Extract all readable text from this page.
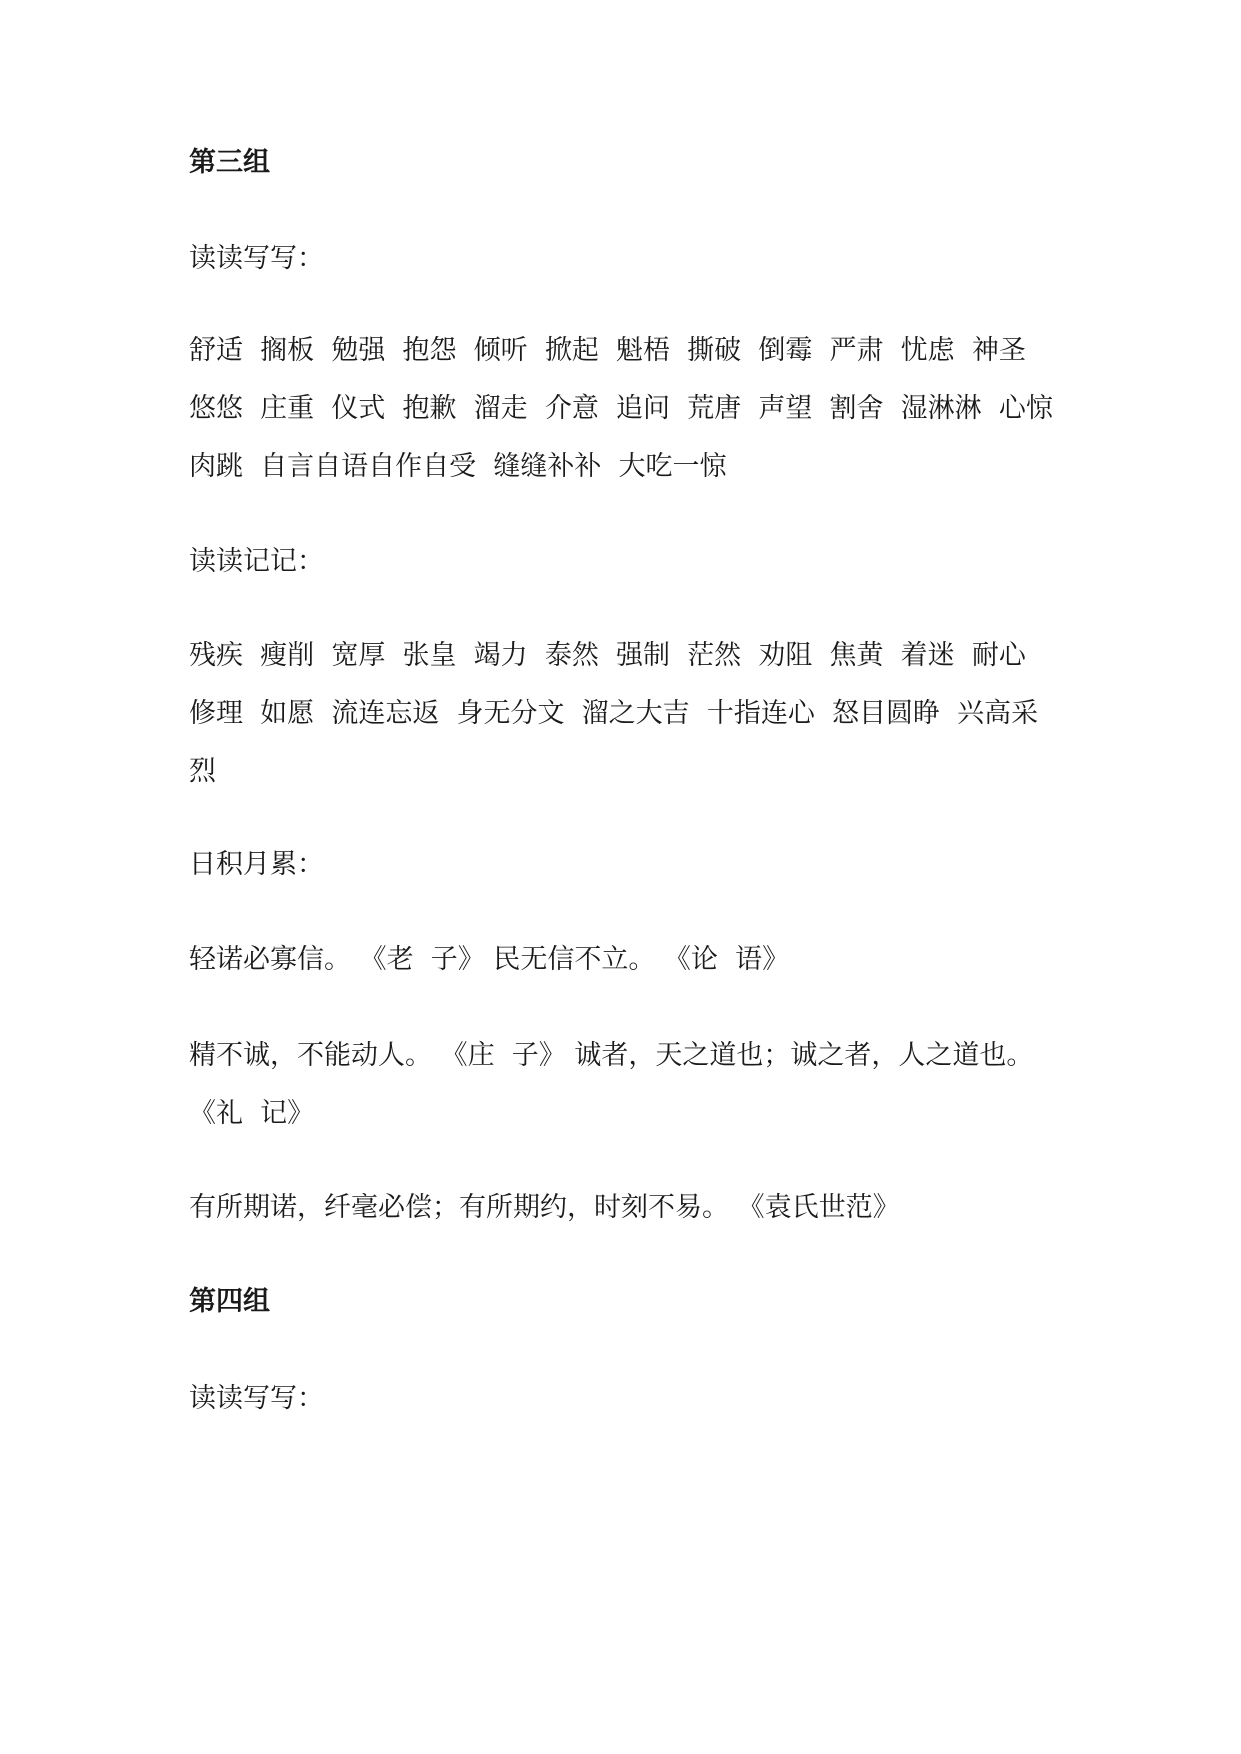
第三组
读读写写：
舒适  搁板  勉强  抱怨  倾听  掀起  魁梧  撕破  倒霉  严肃  忧虑  神圣
悠悠  庄重  仪式  抱歉  溜走  介意  追问  荒唐  声望  割舍  湿淋淋  心惊
肉跳  自言自语自作自受  缝缝补补  大吃一惊
读读记记：
残疾  瘦削  宽厚  张皇  竭力  泰然  强制  茫然  劝阻  焦黄  着迷  耐心
修理  如愿  流连忘返  身无分文  溜之大吉  十指连心  怒目圆睁  兴高采
烈
日积月累：
轻诺必寡信。 《老  子》 民无信不立。 《论  语》
精不诚，不能动人。 《庄  子》 诚者，天之道也；诚之者，人之道也。
《礼  记》
有所期诺，纤毫必偿；有所期约，时刻不易。 《袁氏世范》
第四组
读读写写：
